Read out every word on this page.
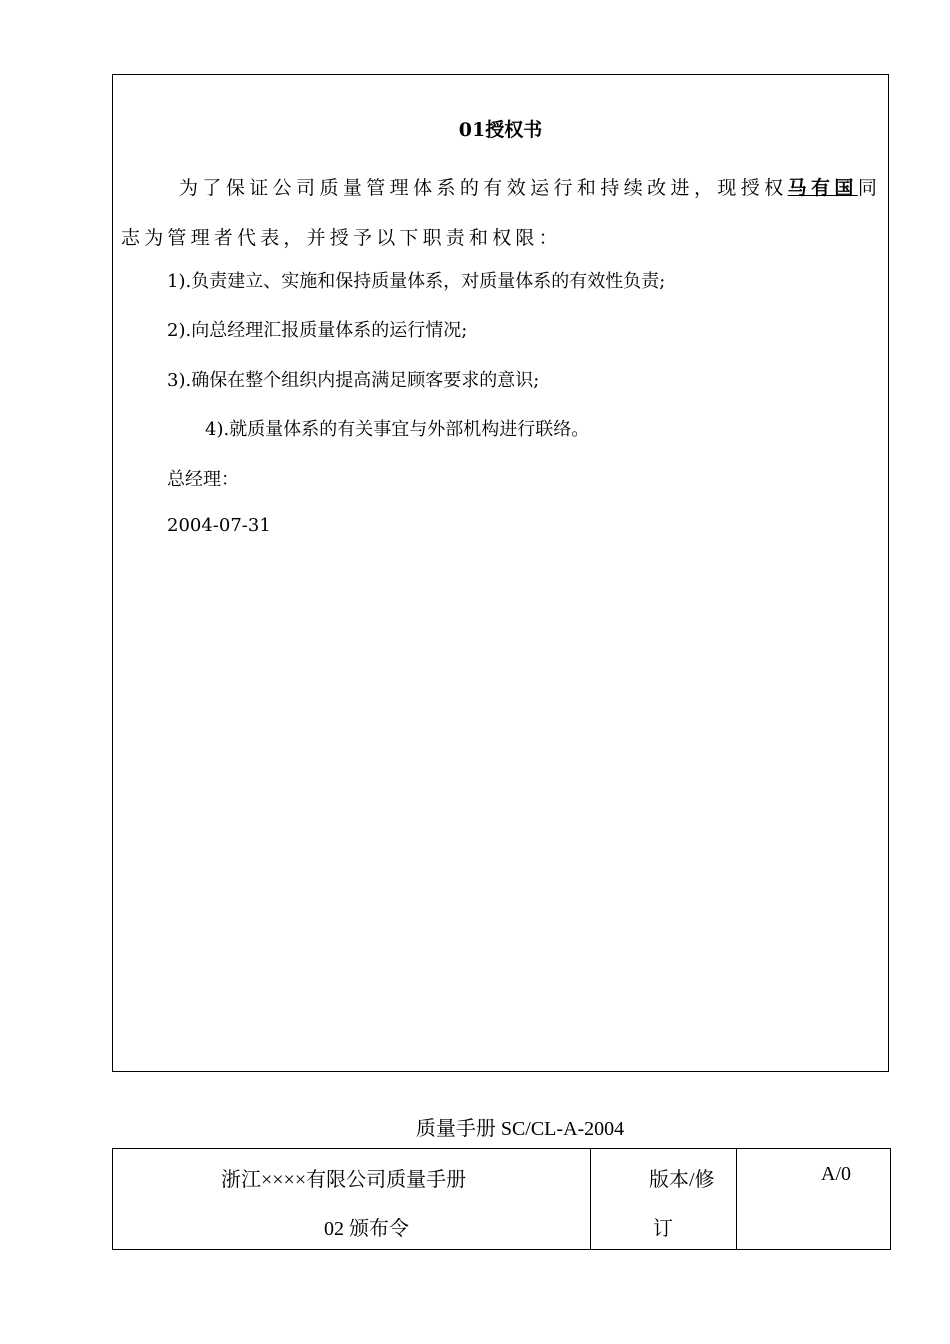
01授权书
为了保证公司质量管理体系的有效运行和持续改进，现授权马有国同志为管理者代表，并授予以下职责和权限：
1).负责建立、实施和保持质量体系，对质量体系的有效性负责;
2).向总经理汇报质量体系的运行情况;
3).确保在整个组织内提高满足顾客要求的意识;
4).就质量体系的有关事宜与外部机构进行联络。
总经理：
2004-07-31
质量手册 SC/CL-A-2004
浙江××××有限公司质量手册
02 颁布令

版本/修
订

A/0
